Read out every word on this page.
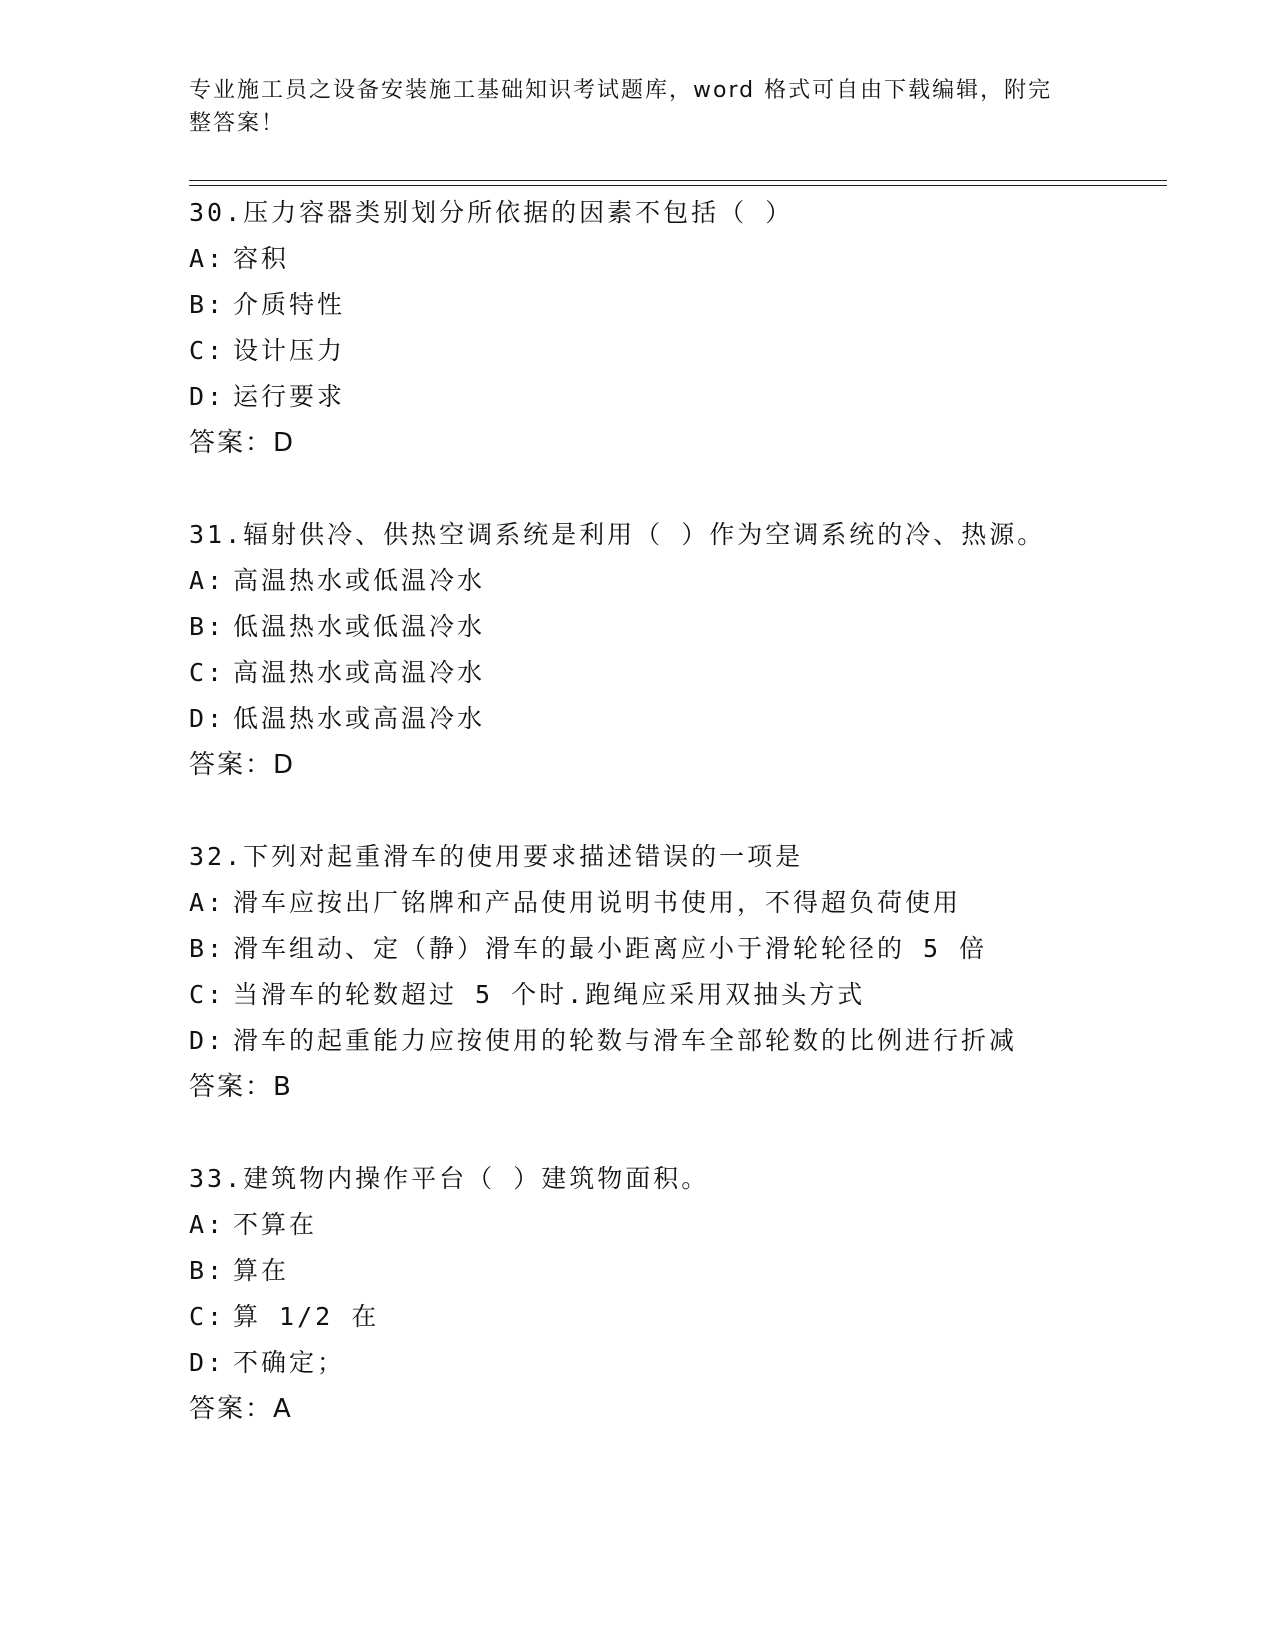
专业施工员之设备安装施工基础知识考试题库，word 格式可自由下载编辑，附完
整答案！
30.压力容器类别划分所依据的因素不包括（ ）
A: 容积
B: 介质特性
C: 设计压力
D: 运行要求
答案：D
31.辐射供冷、供热空调系统是利用（ ）作为空调系统的冷、热源。
A: 高温热水或低温冷水
B: 低温热水或低温冷水
C: 高温热水或高温冷水
D: 低温热水或高温冷水
答案：D
32.下列对起重滑车的使用要求描述错误的一项是
A: 滑车应按出厂铭牌和产品使用说明书使用，不得超负荷使用
B: 滑车组动、定（静）滑车的最小距离应小于滑轮轮径的 5 倍
C: 当滑车的轮数超过 5 个时.跑绳应采用双抽头方式
D: 滑车的起重能力应按使用的轮数与滑车全部轮数的比例进行折减
答案：B
33.建筑物内操作平台（ ）建筑物面积。
A: 不算在
B: 算在
C: 算 1/2 在
D: 不确定；
答案：A
